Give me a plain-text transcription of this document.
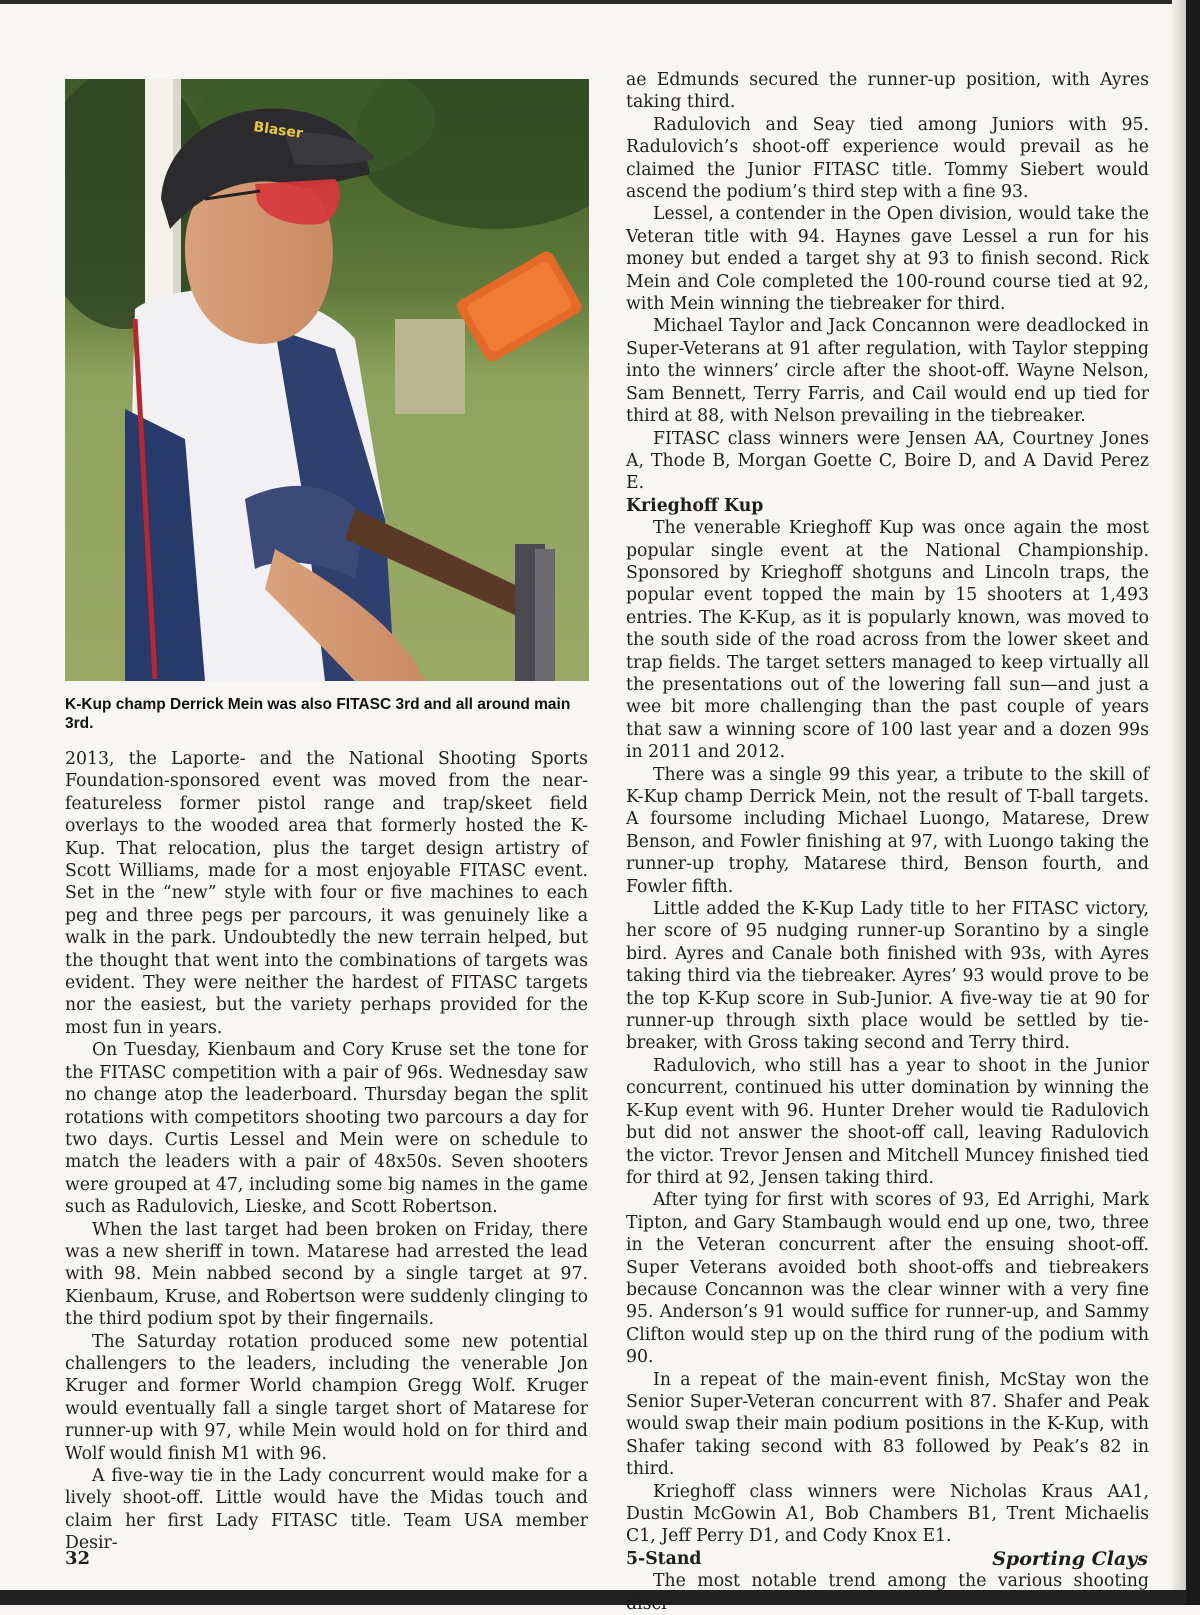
Blaser
K-Kup champ Derrick Mein was also FITASC 3rd and all around main 3rd.

2013, the Laporte- and the National Shooting Sports Foundation-sponsored event was moved from the near-featureless former pistol range and trap/skeet field overlays to the wooded area that formerly hosted the K-Kup. That relocation, plus the target design artistry of Scott Williams, made for a most enjoyable FITASC event. Set in the “new” style with four or five machines to each peg and three pegs per parcours, it was genuinely like a walk in the park. Undoubtedly the new terrain helped, but the thought that went into the combinations of targets was evident. They were neither the hardest of FITASC targets nor the easiest, but the variety perhaps provided for the most fun in years.

On Tuesday, Kienbaum and Cory Kruse set the tone for the FITASC competition with a pair of 96s. Wednesday saw no change atop the leaderboard. Thursday began the split rotations with competitors shooting two parcours a day for two days. Curtis Lessel and Mein were on schedule to match the leaders with a pair of 48x50s. Seven shooters were grouped at 47, including some big names in the game such as Radulovich, Lieske, and Scott Robertson.

When the last target had been broken on Friday, there was a new sheriff in town. Matarese had arrested the lead with 98. Mein nabbed second by a single target at 97. Kienbaum, Kruse, and Robertson were suddenly clinging to the third podium spot by their fingernails.

The Saturday rotation produced some new potential challengers to the leaders, including the venerable Jon Kruger and former World champion Gregg Wolf. Kruger would eventually fall a single target short of Matarese for runner-up with 97, while Mein would hold on for third and Wolf would finish M1 with 96.

A five-way tie in the Lady concurrent would make for a lively shoot-off. Little would have the Midas touch and claim her first Lady FITASC title. Team USA member Desir-

ae Edmunds secured the runner-up position, with Ayres taking third.

Radulovich and Seay tied among Juniors with 95. Radulovich’s shoot-off experience would prevail as he claimed the Junior FITASC title. Tommy Siebert would ascend the podium’s third step with a fine 93.

Lessel, a contender in the Open division, would take the Veteran title with 94. Haynes gave Lessel a run for his money but ended a target shy at 93 to finish second. Rick Mein and Cole completed the 100-round course tied at 92, with Mein winning the tiebreaker for third.

Michael Taylor and Jack Concannon were deadlocked in Super-Veterans at 91 after regulation, with Taylor stepping into the winners’ circle after the shoot-off. Wayne Nelson, Sam Bennett, Terry Farris, and Cail would end up tied for third at 88, with Nelson prevailing in the tiebreaker.

FITASC class winners were Jensen AA, Courtney Jones A, Thode B, Morgan Goette C, Boire D, and A David Perez E.

Krieghoff Kup

The venerable Krieghoff Kup was once again the most popular single event at the National Championship. Sponsored by Krieghoff shotguns and Lincoln traps, the popular event topped the main by 15 shooters at 1,493 entries. The K-Kup, as it is popularly known, was moved to the south side of the road across from the lower skeet and trap fields. The target setters managed to keep virtually all the presentations out of the lowering fall sun—and just a wee bit more challenging than the past couple of years that saw a winning score of 100 last year and a dozen 99s in 2011 and 2012.

There was a single 99 this year, a tribute to the skill of K-Kup champ Derrick Mein, not the result of T-ball targets. A foursome including Michael Luongo, Matarese, Drew Benson, and Fowler finishing at 97, with Luongo taking the runner-up trophy, Matarese third, Benson fourth, and Fowler fifth.

Little added the K-Kup Lady title to her FITASC victory, her score of 95 nudging runner-up Sorantino by a single bird. Ayres and Canale both finished with 93s, with Ayres taking third via the tiebreaker. Ayres’ 93 would prove to be the top K-Kup score in Sub-Junior. A five-way tie at 90 for runner-up through sixth place would be settled by tie-breaker, with Gross taking second and Terry third.

Radulovich, who still has a year to shoot in the Junior concurrent, continued his utter domination by winning the K-Kup event with 96. Hunter Dreher would tie Radulovich but did not answer the shoot-off call, leaving Radulovich the victor. Trevor Jensen and Mitchell Muncey finished tied for third at 92, Jensen taking third.

After tying for first with scores of 93, Ed Arrighi, Mark Tipton, and Gary Stambaugh would end up one, two, three in the Veteran concurrent after the ensuing shoot-off. Super Veterans avoided both shoot-offs and tiebreakers because Concannon was the clear winner with a very fine 95. Anderson’s 91 would suffice for runner-up, and Sammy Clifton would step up on the third rung of the podium with 90.

In a repeat of the main-event finish, McStay won the Senior Super-Veteran concurrent with 87. Shafer and Peak would swap their main podium positions in the K-Kup, with Shafer taking second with 83 followed by Peak’s 82 in third.

Krieghoff class winners were Nicholas Kraus AA1, Dustin McGowin A1, Bob Chambers B1, Trent Michaelis C1, Jeff Perry D1, and Cody Knox E1.

5-Stand

The most notable trend among the various shooting disci-

32	Sporting Clays
